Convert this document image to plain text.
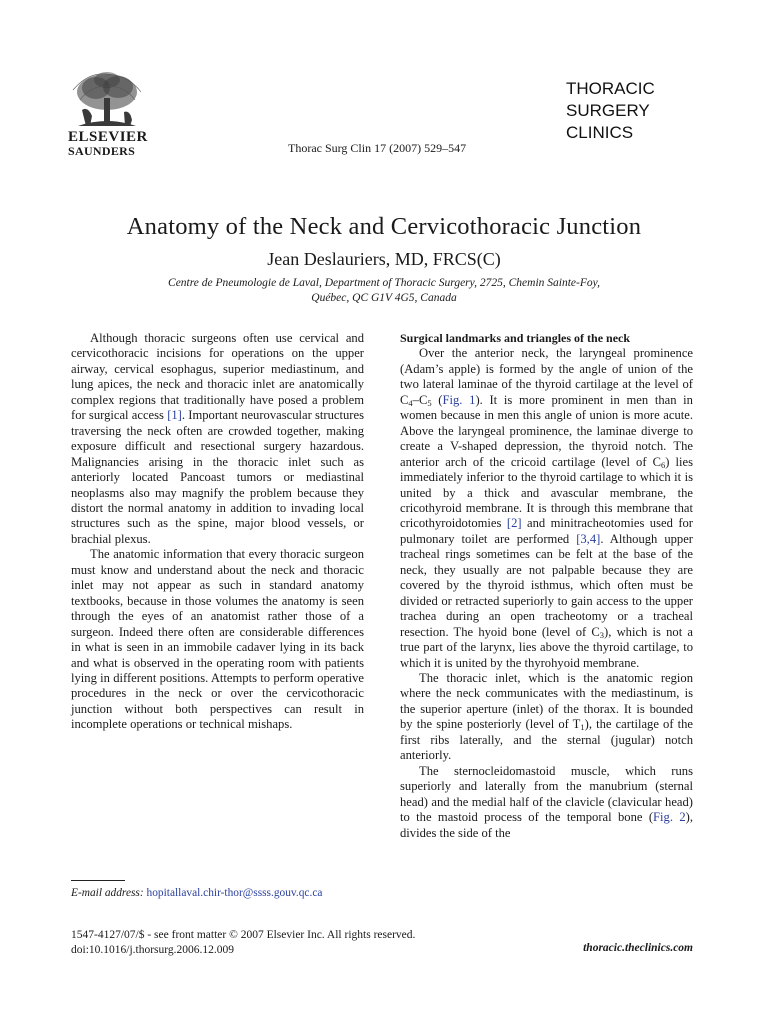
ELSEVIER
SAUNDERS
THORACIC
SURGERY
CLINICS
Thorac Surg Clin 17 (2007) 529–547
Anatomy of the Neck and Cervicothoracic Junction
Jean Deslauriers, MD, FRCS(C)
Centre de Pneumologie de Laval, Department of Thoracic Surgery, 2725, Chemin Sainte-Foy,
Québec, QC G1V 4G5, Canada

Although thoracic surgeons often use cervical and cervicothoracic incisions for operations on the upper airway, cervical esophagus, superior mediastinum, and lung apices, the neck and thoracic inlet are anatomically complex regions that traditionally have posed a problem for surgical access [1]. Important neurovascular structures traversing the neck often are crowded together, making exposure difficult and resectional surgery hazardous. Malignancies arising in the thoracic inlet such as anteriorly located Pancoast tumors or mediastinal neoplasms also may magnify the problem because they distort the normal anatomy in addition to invading local structures such as the spine, major blood vessels, or brachial plexus.

The anatomic information that every thoracic surgeon must know and understand about the neck and thoracic inlet may not appear as such in standard anatomy textbooks, because in those volumes the anatomy is seen through the eyes of an anatomist rather those of a surgeon. Indeed there often are considerable differences in what is seen in an immobile cadaver lying in its back and what is observed in the operating room with patients lying in different positions. Attempts to perform operative procedures in the neck or over the cervicothoracic junction without both perspectives can result in incomplete operations or technical mishaps.

Surgical landmarks and triangles of the neck

Over the anterior neck, the laryngeal prominence (Adam’s apple) is formed by the angle of union of the two lateral laminae of the thyroid cartilage at the level of $C_4-C_5$ (Fig. 1). It is more prominent in men than in women because in men this angle of union is more acute. Above the laryngeal prominence, the laminae diverge to create a V-shaped depression, the thyroid notch. The anterior arch of the cricoid cartilage (level of $C_6$) lies immediately inferior to the thyroid cartilage to which it is united by a thick and avascular membrane, the cricothyroid membrane. It is through this membrane that cricothyroidotomies [2] and minitracheotomies used for pulmonary toilet are performed [3,4]. Although upper tracheal rings sometimes can be felt at the base of the neck, they usually are not palpable because they are covered by the thyroid isthmus, which often must be divided or retracted superiorly to gain access to the upper trachea during an open tracheotomy or a tracheal resection. The hyoid bone (level of $C_3$), which is not a true part of the larynx, lies above the thyroid cartilage, to which it is united by the thyrohyoid membrane.

The thoracic inlet, which is the anatomic region where the neck communicates with the mediastinum, is the superior aperture (inlet) of the thorax. It is bounded by the spine posteriorly (level of $T_1$), the cartilage of the first ribs laterally, and the sternal (jugular) notch anteriorly.

The sternocleidomastoid muscle, which runs superiorly and laterally from the manubrium (sternal head) and the medial half of the clavicle (clavicular head) to the mastoid process of the temporal bone (Fig. 2), divides the side of the

E-mail address: hopitallaval.chir-thor@ssss.gouv.qc.ca
1547-4127/07/$ - see front matter © 2007 Elsevier Inc. All rights reserved.
doi:10.1016/j.thorsurg.2006.12.009	thoracic.theclinics.com
